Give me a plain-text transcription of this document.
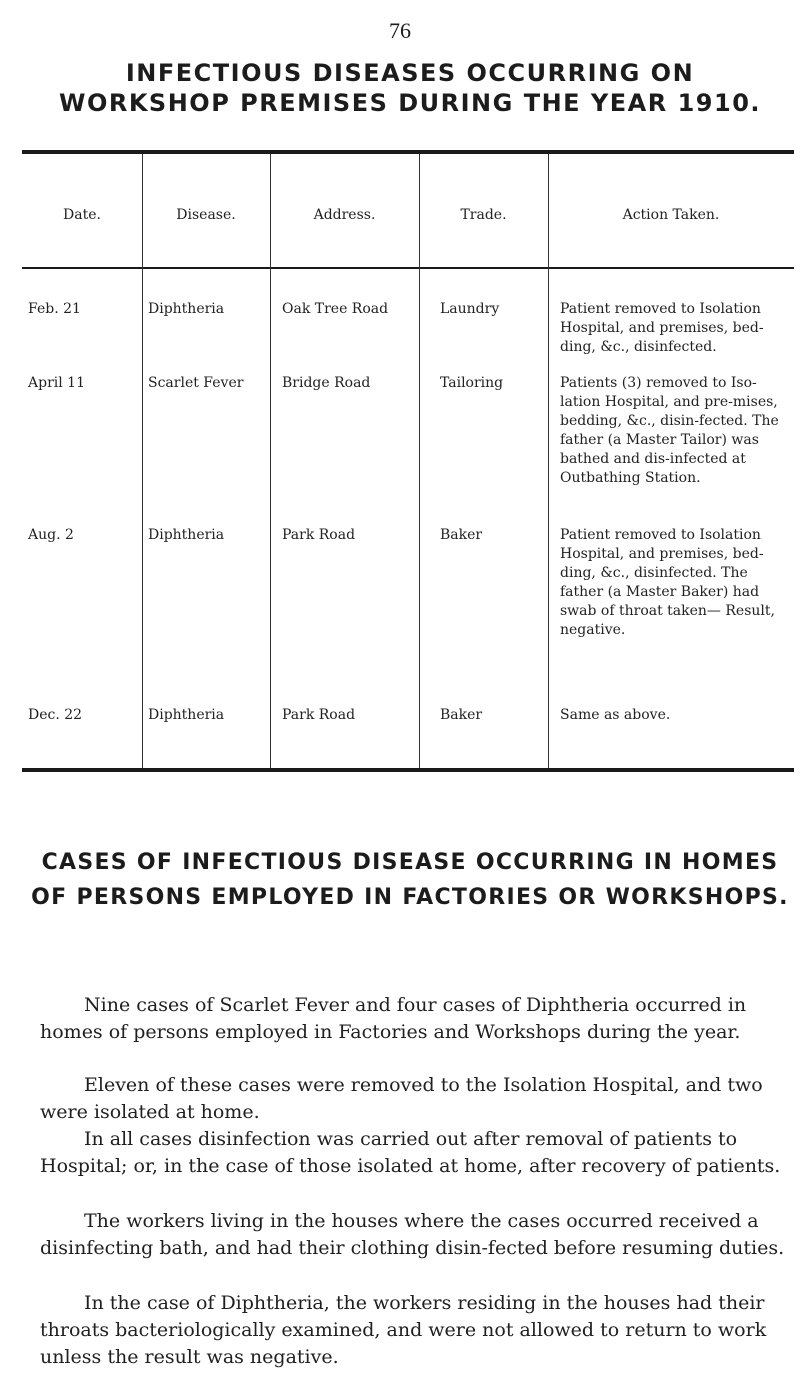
76
INFECTIOUS DISEASES OCCURRING ON WORKSHOP PREMISES DURING THE YEAR 1910.
Date.	Disease.	Address.	Trade.	Action Taken.
Feb. 21	Diphtheria	Oak Tree Road	Laundry	Patient removed to Isolation Hospital, and premises, bed-ding, &c., disinfected.
April 11	Scarlet Fever	Bridge Road	Tailoring	Patients (3) removed to Iso-lation Hospital, and pre-mises, bedding, &c., disin-fected. The father (a Master Tailor) was bathed and dis-infected at Outbathing Station.
Aug. 2	Diphtheria	Park Road	Baker	Patient removed to Isolation Hospital, and premises, bed-ding, &c., disinfected. The father (a Master Baker) had swab of throat taken— Result, negative.
Dec. 22	Diphtheria	Park Road	Baker	Same as above.
CASES OF INFECTIOUS DISEASE OCCURRING IN HOMES OF PERSONS EMPLOYED IN FACTORIES OR WORKSHOPS.
Nine cases of Scarlet Fever and four cases of Diphtheria occurred in homes of persons employed in Factories and Workshops during the year.
Eleven of these cases were removed to the Isolation Hospital, and two were isolated at home.
In all cases disinfection was carried out after removal of patients to Hospital; or, in the case of those isolated at home, after recovery of patients.
The workers living in the houses where the cases occurred received a disinfecting bath, and had their clothing disin-fected before resuming duties.
In the case of Diphtheria, the workers residing in the houses had their throats bacteriologically examined, and were not allowed to return to work unless the result was negative.
